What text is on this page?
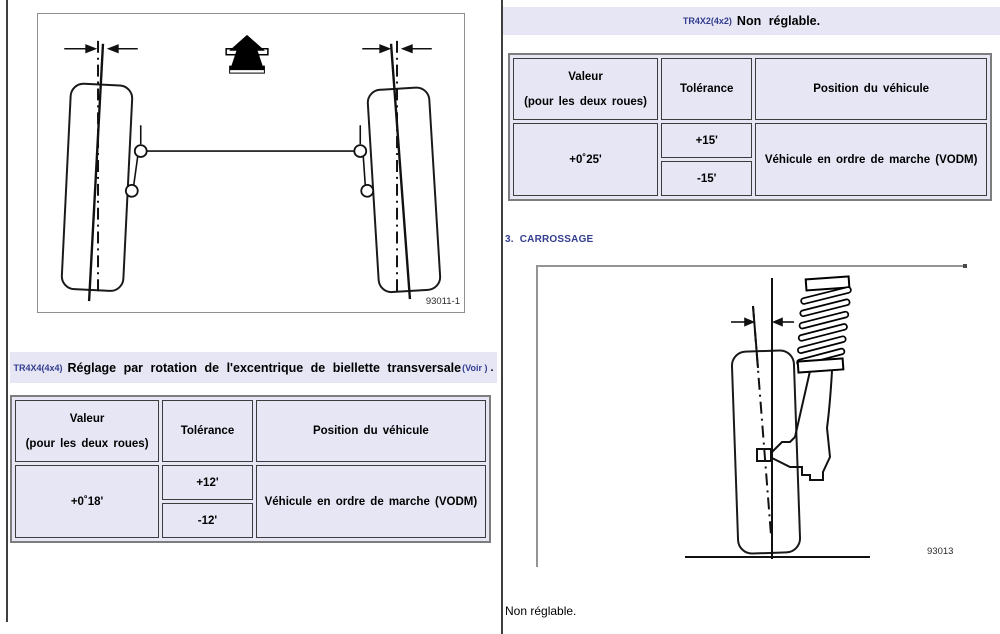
93011-1
TR4X4(4x4) Réglage par rotation de l'excentrique de biellette transversale (Voir ) .
Valeur
(pour les deux roues)	Tolérance	Position du véhicule
+0˚18'	+12'	Véhicule en ordre de marche (VODM)
	-12'	
TR4X2(4x2) Non réglable.
Valeur
(pour les deux roues)	Tolérance	Position du véhicule
+0˚25'	+15'	Véhicule en ordre de marche (VODM)
	-15'	
3. CARROSSAGE
93013
Non réglable.
